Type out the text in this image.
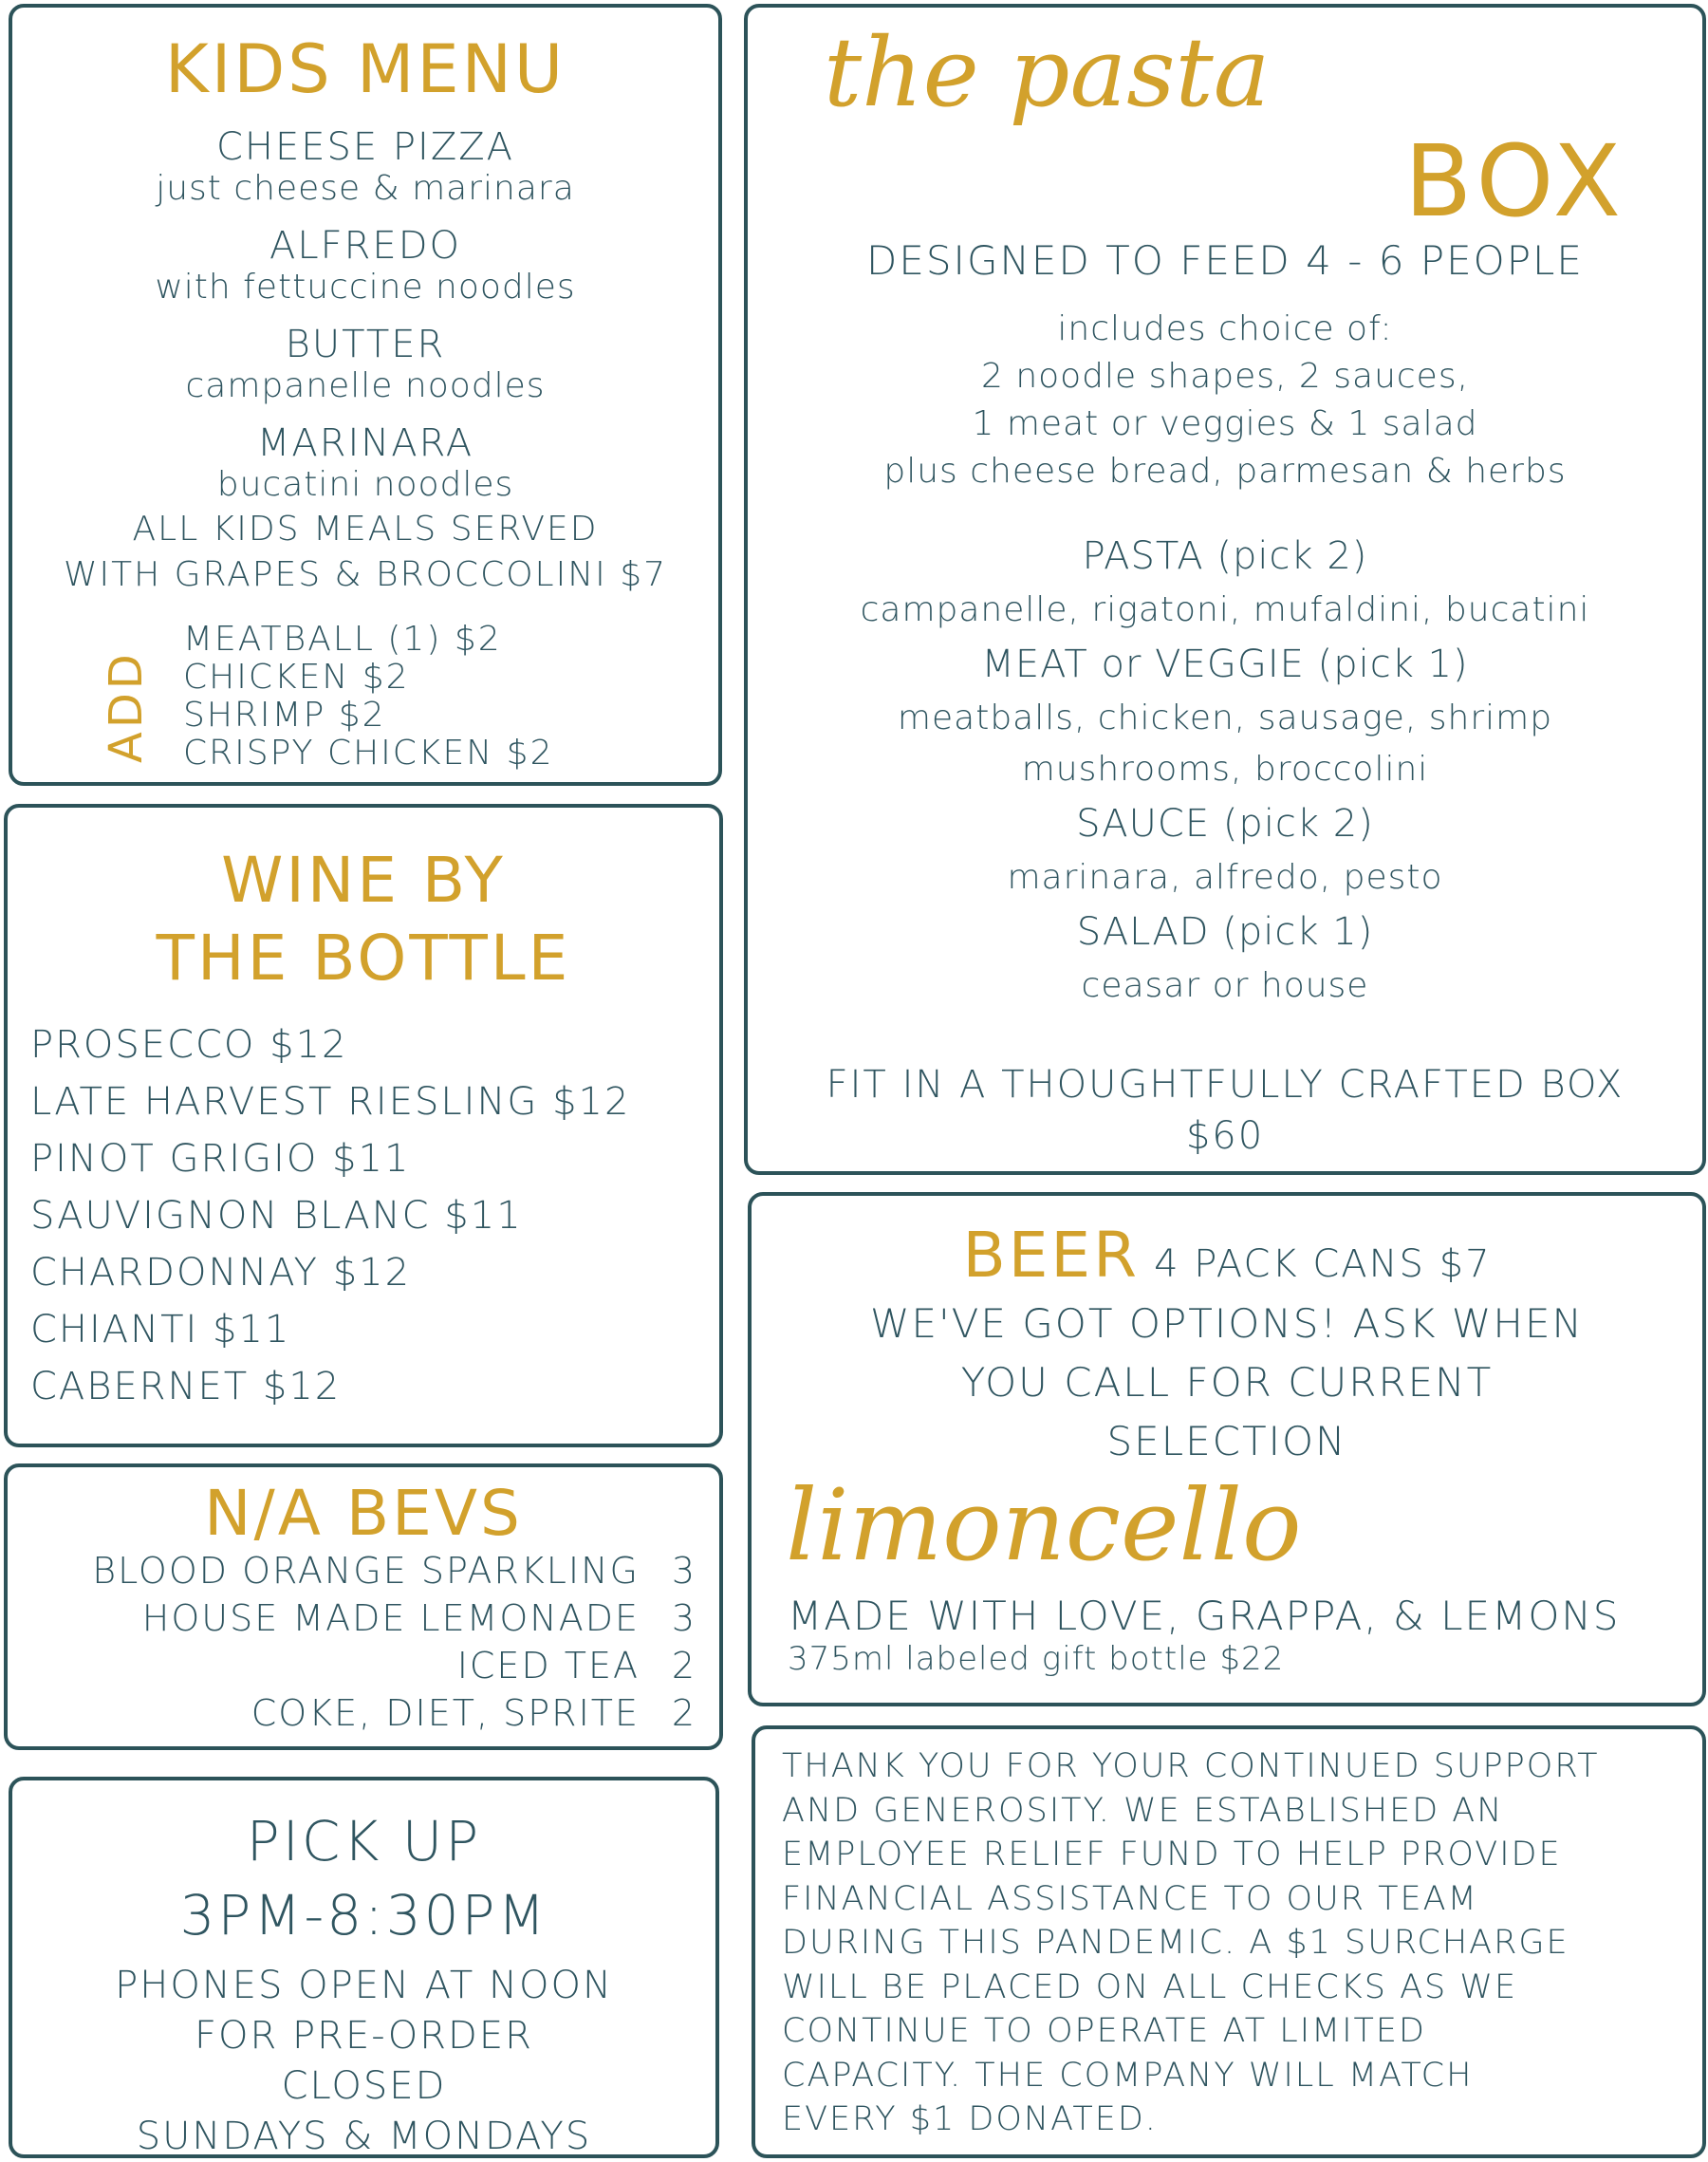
KIDS MENU
CHEESE PIZZA
just cheese & marinara
ALFREDO
with fettuccine noodles
BUTTER
campanelle noodles
MARINARA
bucatini noodles
ALL KIDS MEALS SERVED
WITH GRAPES & BROCCOLINI $7
ADD
MEATBALL (1) $2
CHICKEN $2
SHRIMP $2
CRISPY CHICKEN $2
WINE BY
THE BOTTLE
PROSECCO $12
LATE HARVEST RIESLING $12
PINOT GRIGIO $11
SAUVIGNON BLANC $11
CHARDONNAY $12
CHIANTI $11
CABERNET $12
N/A BEVS
BLOOD ORANGE SPARKLING 3
HOUSE MADE LEMONADE 3
ICED TEA 2
COKE, DIET, SPRITE 2
PICK UP
3PM-8:30PM
PHONES OPEN AT NOON
FOR PRE-ORDER
CLOSED
SUNDAYS & MONDAYS
the pasta
BOX
DESIGNED TO FEED 4 - 6 PEOPLE
includes choice of:
2 noodle shapes, 2 sauces,
1 meat or veggies & 1 salad
plus cheese bread, parmesan & herbs
PASTA (pick 2)
campanelle, rigatoni, mufaldini, bucatini
MEAT or VEGGIE (pick 1)
meatballs, chicken, sausage, shrimp
mushrooms, broccolini
SAUCE (pick 2)
marinara, alfredo, pesto
SALAD (pick 1)
ceasar or house
FIT IN A THOUGHTFULLY CRAFTED BOX
$60
BEER 4 PACK CANS $7
WE'VE GOT OPTIONS! ASK WHEN
YOU CALL FOR CURRENT
SELECTION
limoncello
MADE WITH LOVE, GRAPPA, & LEMONS
375ml labeled gift bottle $22
THANK YOU FOR YOUR CONTINUED SUPPORT
AND GENEROSITY. WE ESTABLISHED AN
EMPLOYEE RELIEF FUND TO HELP PROVIDE
FINANCIAL ASSISTANCE TO OUR TEAM
DURING THIS PANDEMIC. A $1 SURCHARGE
WILL BE PLACED ON ALL CHECKS AS WE
CONTINUE TO OPERATE AT LIMITED
CAPACITY. THE COMPANY WILL MATCH
EVERY $1 DONATED.
